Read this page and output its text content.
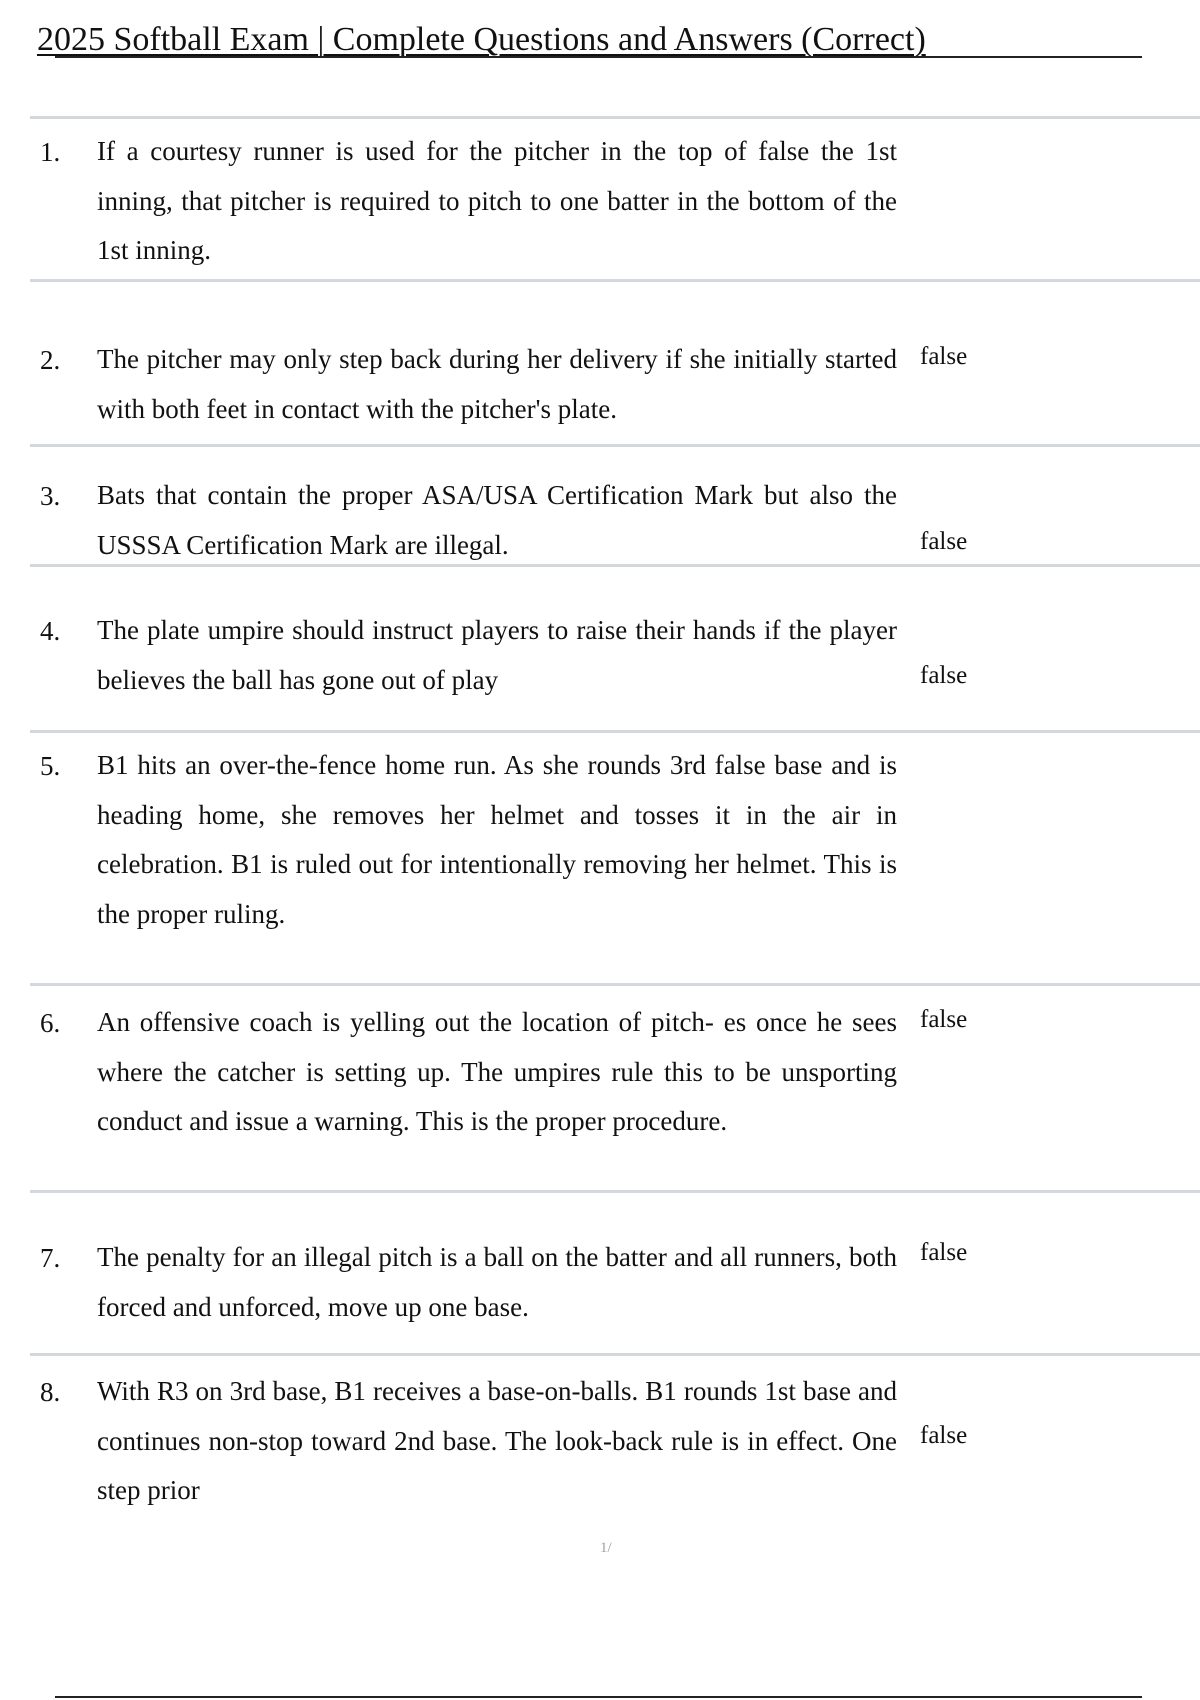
2025 Softball Exam | Complete Questions and Answers (Correct)
1. If a courtesy runner is used for the pitcher in the top of false the 1st inning, that pitcher is required to pitch to one batter in the bottom of the 1st inning.
2. The pitcher may only step back during her delivery if she initially started with both feet in contact with the pitcher's plate.
false
3. Bats that contain the proper ASA/USA Certification Mark but also the USSSA Certification Mark are illegal.	false
4. The plate umpire should instruct players to raise their hands if the player believes the ball has gone out of play	false
5. B1 hits an over-the-fence home run. As she rounds 3rd false base and is heading home, she removes her helmet and tosses it in the air in celebration. B1 is ruled out for intentionally removing her helmet. This is the proper ruling.
6. An offensive coach is yelling out the location of pitch- es once he sees where the catcher is setting up. The umpires rule this to be unsporting conduct and issue a warning. This is the proper procedure.
false
7. The penalty for an illegal pitch is a ball on the batter and all runners, both forced and unforced, move up one base.
false
8. With R3 on 3rd base, B1 receives a base-on-balls. B1 rounds 1st base and continues non-stop toward 2nd base. The look-back rule is in effect. One step prior
false
1/
